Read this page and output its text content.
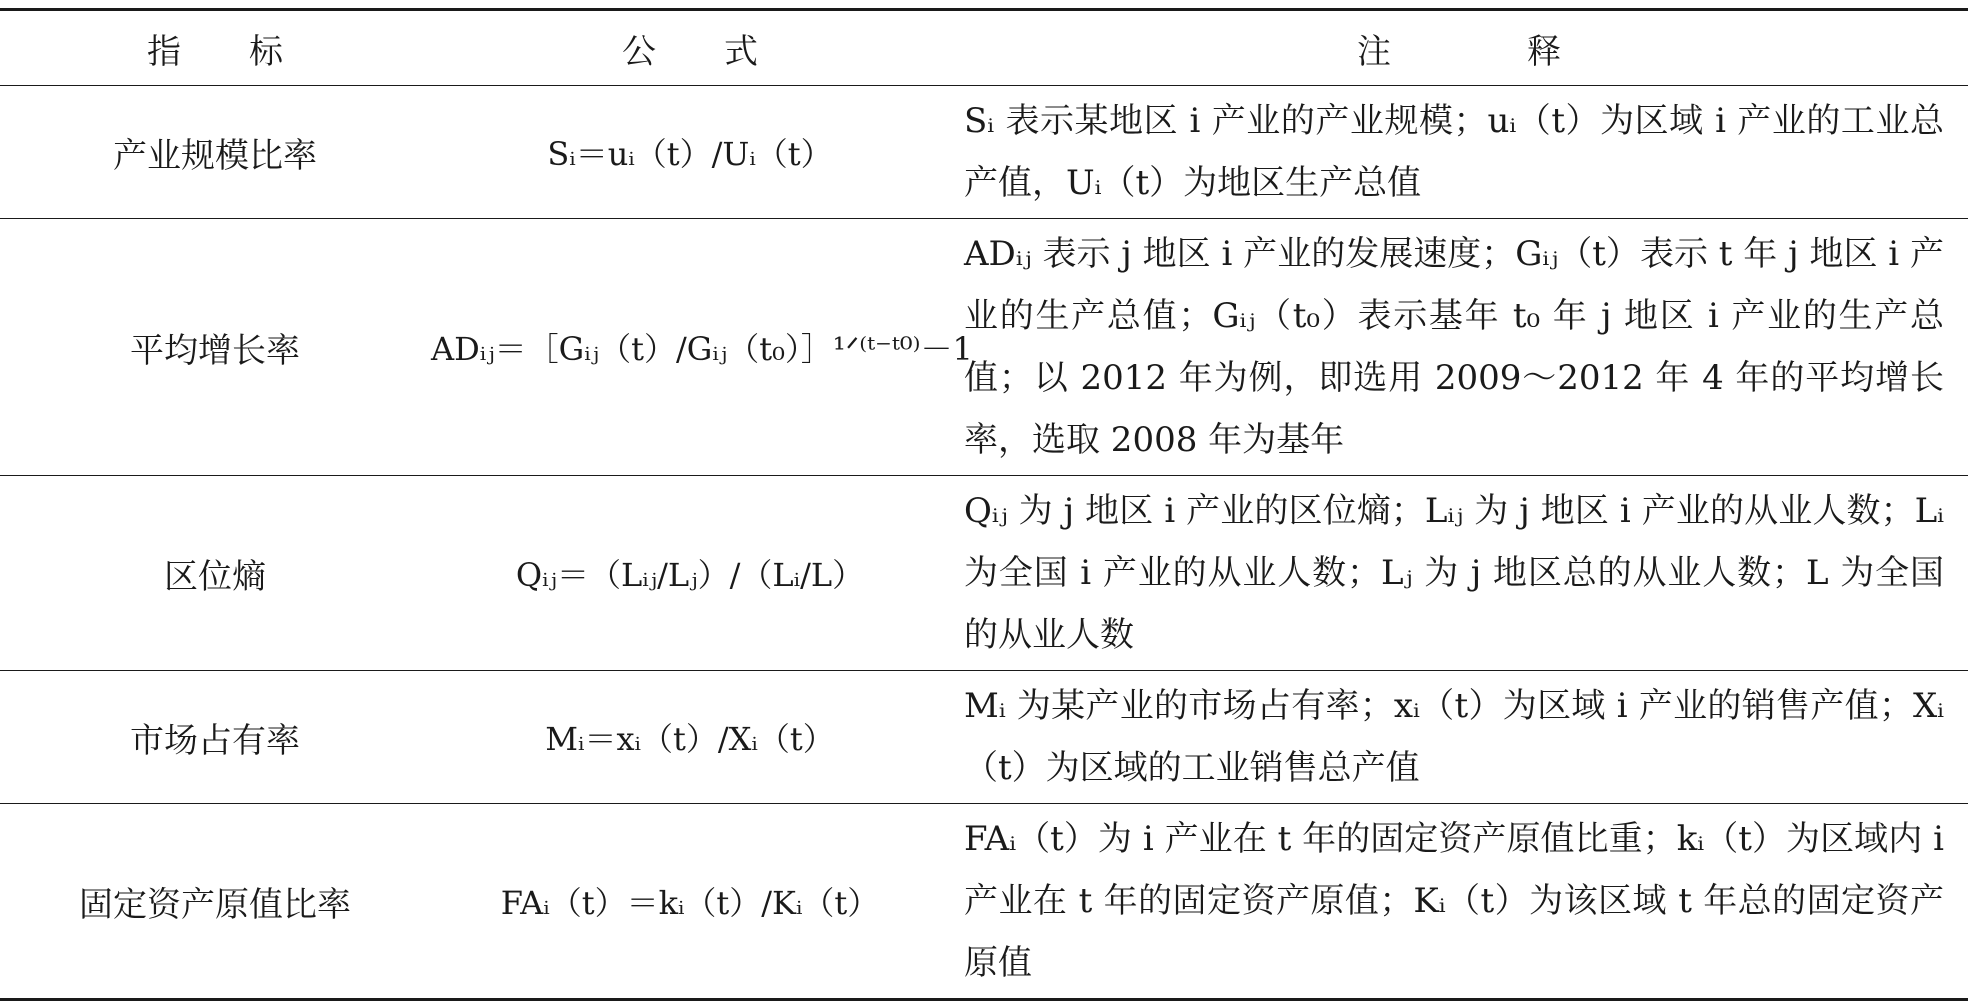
指　　标	公　　式	注　　　　释
产业规模比率	Sᵢ＝uᵢ（t）/Uᵢ（t）	Sᵢ 表示某地区 i 产业的产业规模；uᵢ（t）为区域 i 产业的工业总产值，Uᵢ（t）为地区生产总值
平均增长率	ADᵢⱼ＝［Gᵢⱼ（t）/Gᵢⱼ（t₀）］¹ᐟ⁽ᵗ⁻ᵗ⁰⁾－1	ADᵢⱼ 表示 j 地区 i 产业的发展速度；Gᵢⱼ（t）表示 t 年 j 地区 i 产业的生产总值；Gᵢⱼ（t₀）表示基年 t₀ 年 j 地区 i 产业的生产总值；以 2012 年为例，即选用 2009～2012 年 4 年的平均增长率，选取 2008 年为基年
区位熵	Qᵢⱼ＝（Lᵢⱼ/Lⱼ）/（Lᵢ/L）	Qᵢⱼ 为 j 地区 i 产业的区位熵；Lᵢⱼ 为 j 地区 i 产业的从业人数；Lᵢ 为全国 i 产业的从业人数；Lⱼ 为 j 地区总的从业人数；L 为全国的从业人数
市场占有率	Mᵢ＝xᵢ（t）/Xᵢ（t）	Mᵢ 为某产业的市场占有率；xᵢ（t）为区域 i 产业的销售产值；Xᵢ（t）为区域的工业销售总产值
固定资产原值比率	FAᵢ（t）＝kᵢ（t）/Kᵢ（t）	FAᵢ（t）为 i 产业在 t 年的固定资产原值比重；kᵢ（t）为区域内 i 产业在 t 年的固定资产原值；Kᵢ（t）为该区域 t 年总的固定资产原值
